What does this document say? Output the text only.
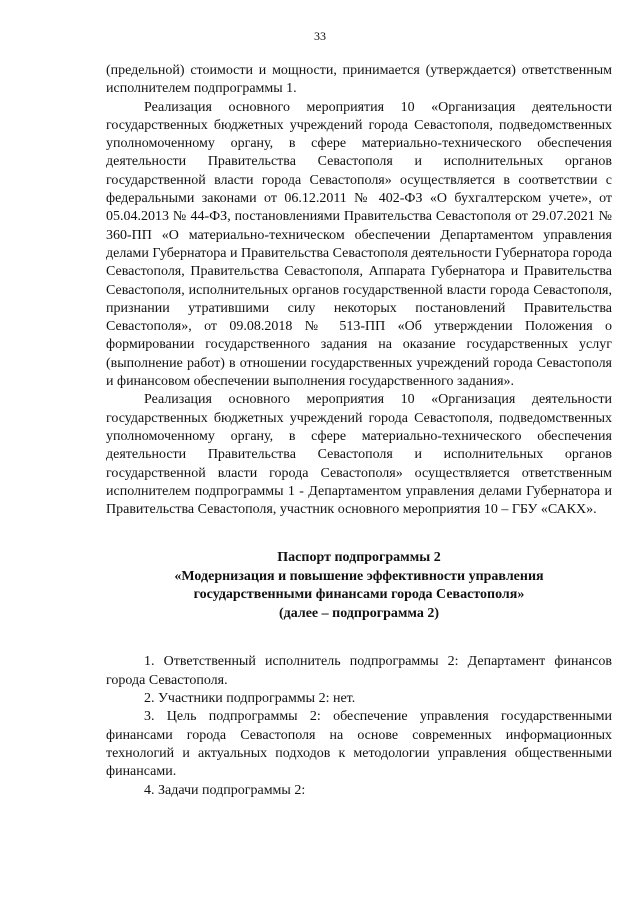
33

(предельной) стоимости и мощности, принимается (утверждается) ответственным исполнителем подпрограммы 1.

Реализация основного мероприятия 10 «Организация деятельности государственных бюджетных учреждений города Севастополя, подведомственных уполномоченному органу, в сфере материально-технического обеспечения деятельности Правительства Севастополя и исполнительных органов государственной власти города Севастополя» осуществляется в соответствии с федеральными законами от 06.12.2011 № 402-ФЗ «О бухгалтерском учете», от 05.04.2013 № 44-ФЗ, постановлениями Правительства Севастополя от 29.07.2021 № 360-ПП «О материально-техническом обеспечении Департаментом управления делами Губернатора и Правительства Севастополя деятельности Губернатора города Севастополя, Правительства Севастополя, Аппарата Губернатора и Правительства Севастополя, исполнительных органов государственной власти города Севастополя, признании утратившими силу некоторых постановлений Правительства Севастополя», от 09.08.2018 № 513-ПП «Об утверждении Положения о формировании государственного задания на оказание государственных услуг (выполнение работ) в отношении государственных учреждений города Севастополя и финансовом обеспечении выполнения государственного задания».

Реализация основного мероприятия 10 «Организация деятельности государственных бюджетных учреждений города Севастополя, подведомственных уполномоченному органу, в сфере материально-технического обеспечения деятельности Правительства Севастополя и исполнительных органов государственной власти города Севастополя» осуществляется ответственным исполнителем подпрограммы 1 - Департаментом управления делами Губернатора и Правительства Севастополя, участник основного мероприятия 10 – ГБУ «САКХ».

Паспорт подпрограммы 2
«Модернизация и повышение эффективности управления
государственными финансами города Севастополя»
(далее – подпрограмма 2)

1. Ответственный исполнитель подпрограммы 2: Департамент финансов города Севастополя.

2. Участники подпрограммы 2: нет.

3. Цель подпрограммы 2: обеспечение управления государственными финансами города Севастополя на основе современных информационных технологий и актуальных подходов к методологии управления общественными финансами.

4. Задачи подпрограммы 2:
